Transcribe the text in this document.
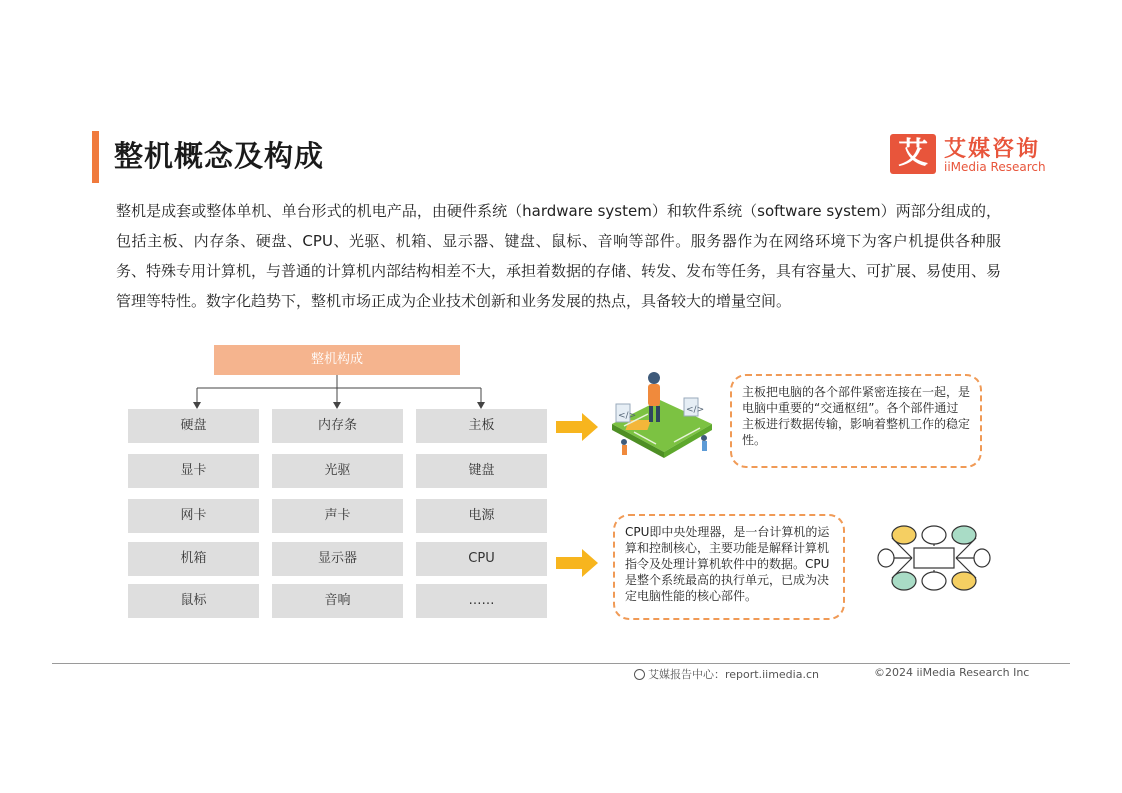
整机概念及构成	艾 艾媒咨询
iiMedia Research
整机是成套或整体单机、单台形式的机电产品，由硬件系统（hardware system）和软件系统（software system）两部分组成的，包括主板、内存条、硬盘、CPU、光驱、机箱、显示器、键盘、鼠标、音响等部件。服务器作为在网络环境下为客户机提供各种服务、特殊专用计算机，与普通的计算机内部结构相差不大，承担着数据的存储、转发、发布等任务，具有容量大、可扩展、易使用、易管理等特性。数字化趋势下，整机市场正成为企业技术创新和业务发展的热点，具备较大的增量空间。
整机构成
硬盘	内存条	主板
显卡	光驱	键盘
网卡	声卡	电源
机箱	显示器	CPU
鼠标	音响	……
</>
</>
主板把电脑的各个部件紧密连接在一起，是电脑中重要的“交通枢纽”。各个部件通过主板进行数据传输，影响着整机工作的稳定性。
CPU即中央处理器，是一台计算机的运算和控制核心，主要功能是解释计算机指令及处理计算机软件中的数据。CPU是整个系统最高的执行单元，已成为决定电脑性能的核心部件。
艾媒报告中心：report.iimedia.cn	©2024 iiMedia Research Inc
